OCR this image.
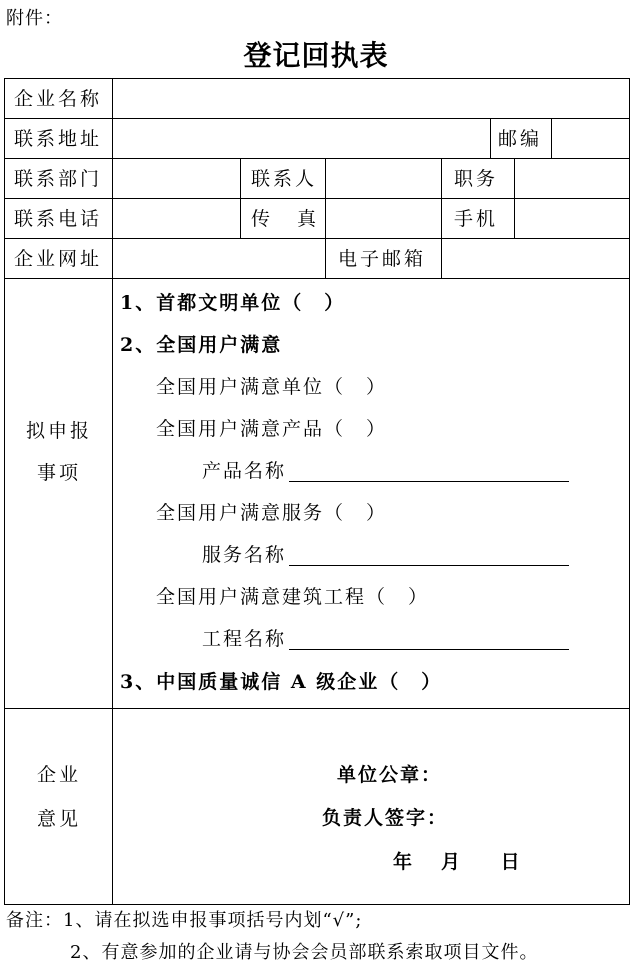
附件：
登记回执表
企业名称
联系地址	邮编
联系部门	联系人	职务
联系电话	传　真	手机
企业网址	电子邮箱
拟申报
事项
1、首都文明单位（　）
2、全国用户满意
全国用户满意单位（　）
全国用户满意产品（　）
产品名称
全国用户满意服务（　）
服务名称
全国用户满意建筑工程（　）
工程名称
3、中国质量诚信 A 级企业（　）
企业
意见
单位公章：
负责人签字：
年　月　 日
备注：1、请在拟选申报事项括号内划“√”;
2、有意参加的企业请与协会会员部联系索取项目文件。
